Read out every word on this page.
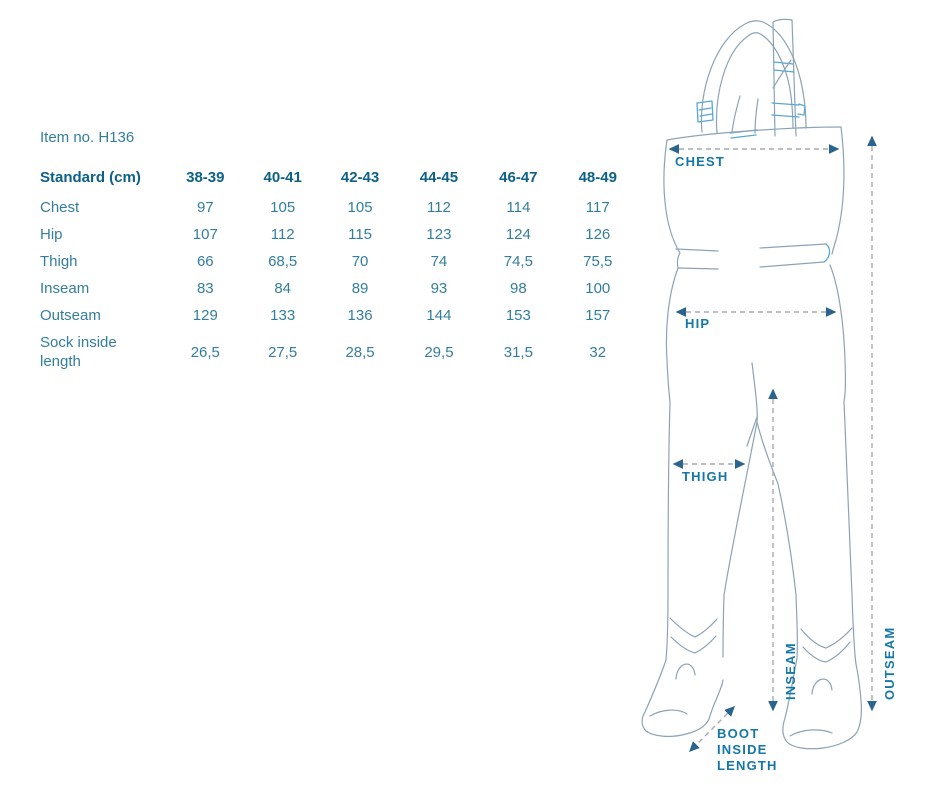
Item no. H136
Standard (cm)	38-39	40-41	42-43	44-45	46-47	48-49

Chest	97	105	105	112	114	117

Hip	107	112	115	123	124	126

Thigh	66	68,5	70	74	74,5	75,5

Inseam	83	84	89	93	98	100

Outseam	129	133	136	144	153	157

Sock inside length	26,5	27,5	28,5	29,5	31,5	32
CHEST
HIP
THIGH
INSEAM	OUTSEAM
BOOT
INSIDE
LENGTH
